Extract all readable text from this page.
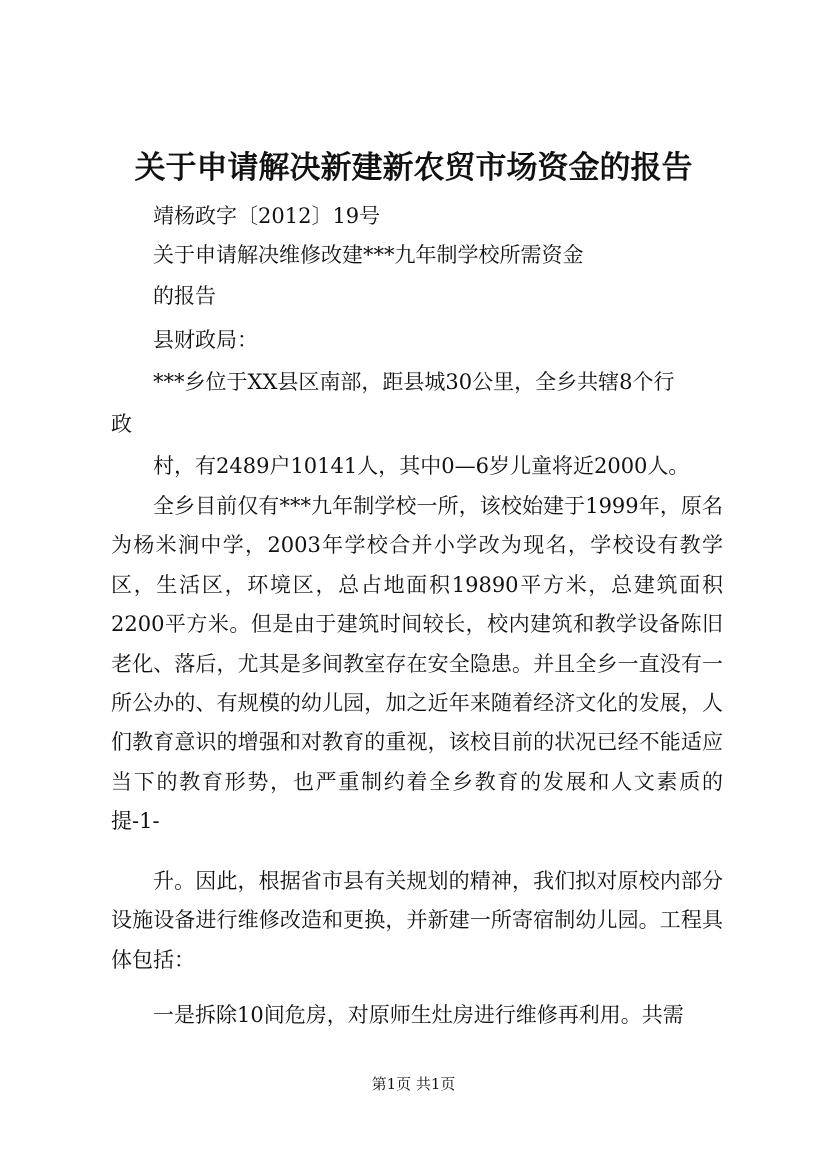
关于申请解决新建新农贸市场资金的报告
靖杨政字〔2012〕19号
关于申请解决维修改建***九年制学校所需资金
的报告
县财政局：
***乡位于XX县区南部，距县城30公里，全乡共辖8个行
政
村，有2489户10141人，其中0—6岁儿童将近2000人。
全乡目前仅有***九年制学校一所，该校始建于1999年，原名为杨米涧中学，2003年学校合并小学改为现名，学校设有教学区，生活区，环境区，总占地面积19890平方米，总建筑面积2200平方米。但是由于建筑时间较长，校内建筑和教学设备陈旧老化、落后，尤其是多间教室存在安全隐患。并且全乡一直没有一所公办的、有规模的幼儿园，加之近年来随着经济文化的发展，人们教育意识的增强和对教育的重视，该校目前的状况已经不能适应当下的教育形势，也严重制约着全乡教育的发展和人文素质的提-1-
升。因此，根据省市县有关规划的精神，我们拟对原校内部分设施设备进行维修改造和更换，并新建一所寄宿制幼儿园。工程具体包括：
一是拆除10间危房，对原师生灶房进行维修再利用。共需
第1页 共1页
